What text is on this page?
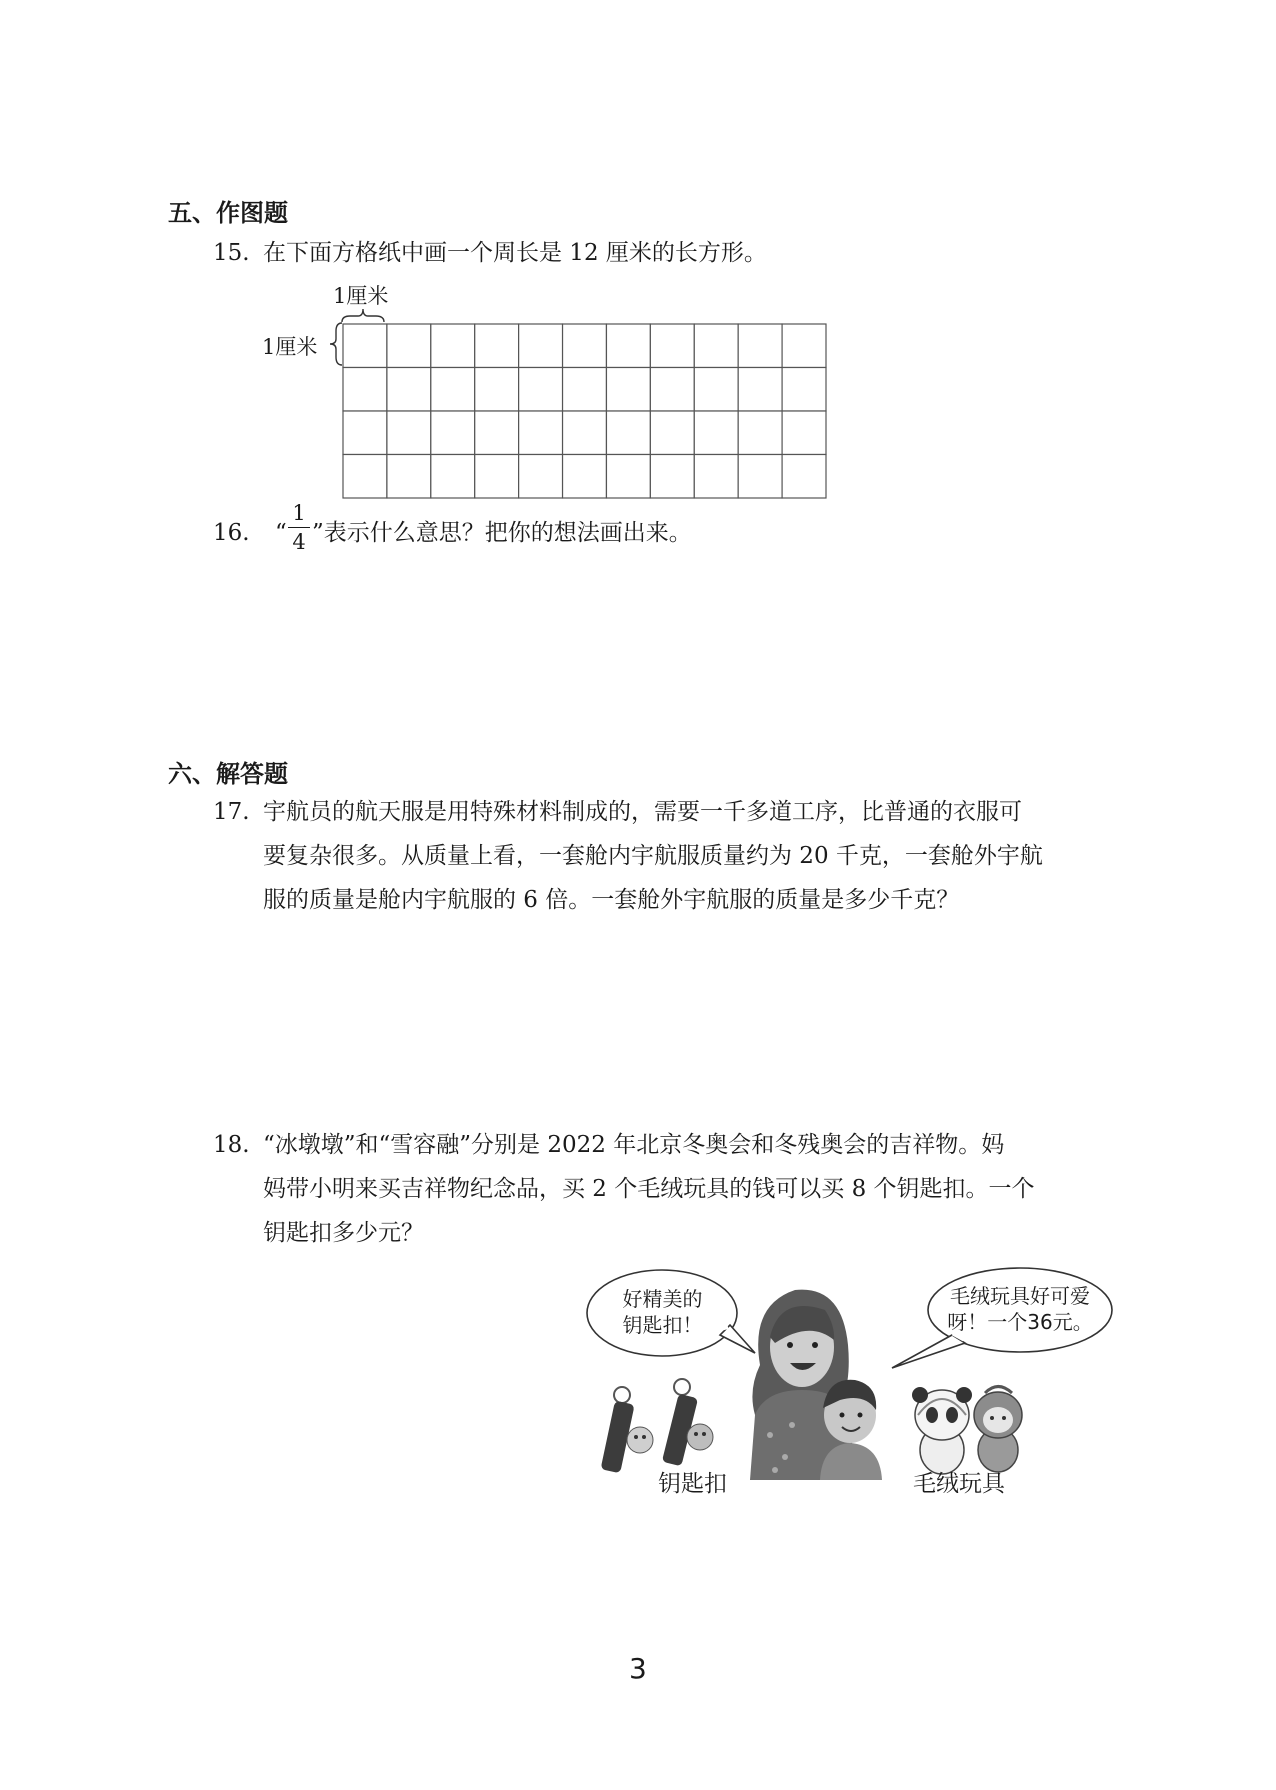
五、作图题
15. 在下面方格纸中画一个周长是 12 厘米的长方形。
1厘米
1厘米
16. “
1
4 ”表示什么意思？把你的想法画出来。
六、解答题
17. 宇航员的航天服是用特殊材料制成的，需要一千多道工序，比普通的衣服可
要复杂很多。从质量上看，一套舱内宇航服质量约为 20 千克，一套舱外宇航
服的质量是舱内宇航服的 6 倍。一套舱外宇航服的质量是多少千克？
18. “冰墩墩”和“雪容融”分别是 2022 年北京冬奥会和冬残奥会的吉祥物。妈
妈带小明来买吉祥物纪念品，买 2 个毛绒玩具的钱可以买 8 个钥匙扣。一个
钥匙扣多少元？
好精美的
钥匙扣！
毛绒玩具好可爱
呀！一个36元。
钥匙扣	毛绒玩具
3
